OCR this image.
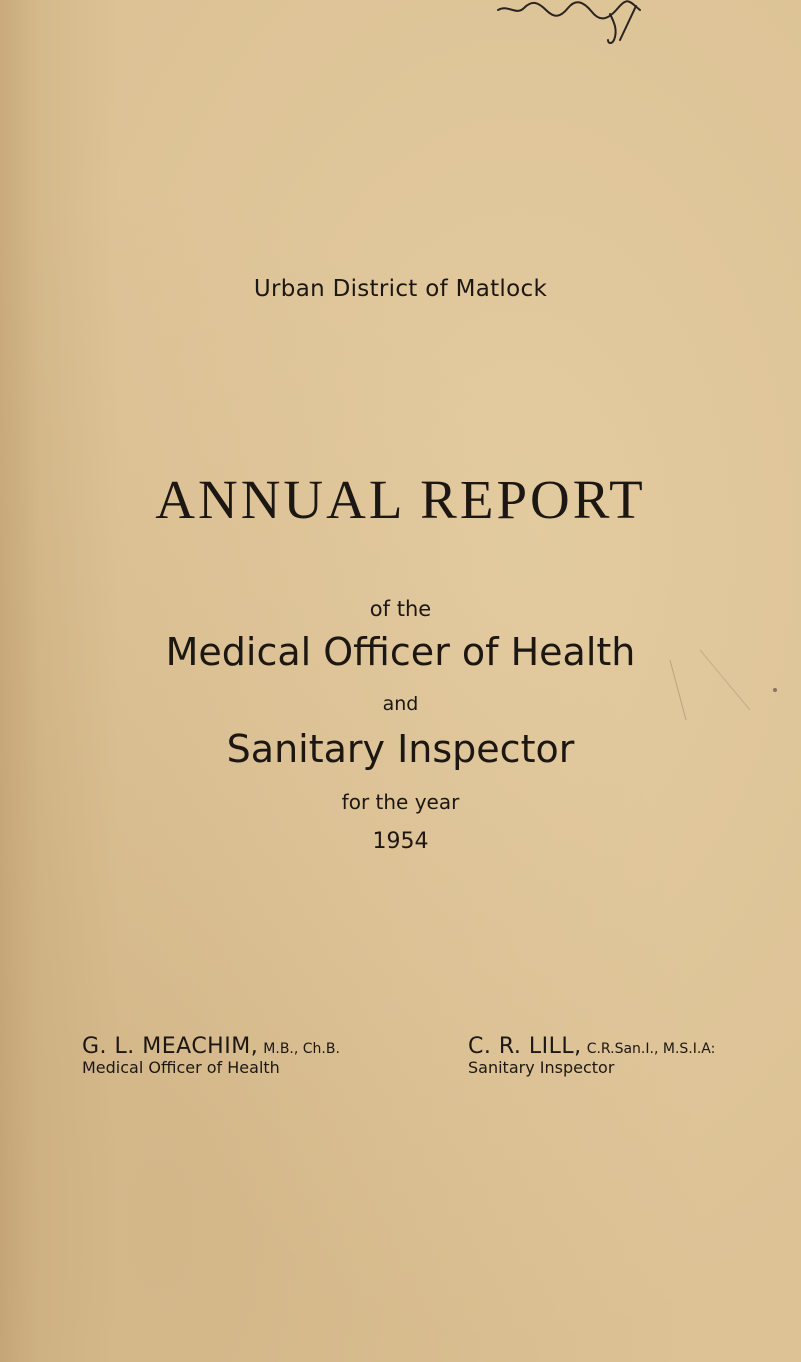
Urban District of Matlock
ANNUAL REPORT
of the
Medical Officer of Health
and
Sanitary Inspector
for the year
1954
G. L. MEACHIM, M.B., Ch.B.
Medical Officer of Health
C. R. LILL, C.R.San.I., M.S.I.A:
Sanitary Inspector
